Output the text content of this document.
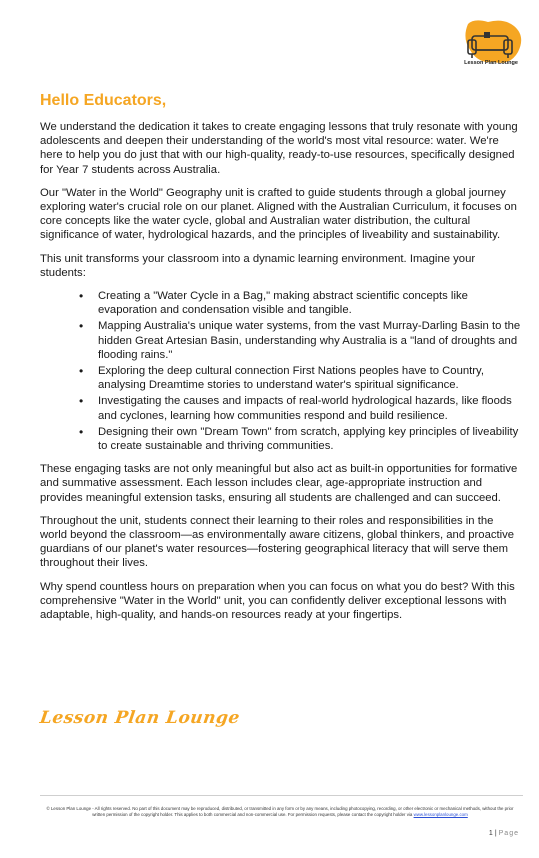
Lesson Plan Lounge
Hello Educators,

We understand the dedication it takes to create engaging lessons that truly resonate with young adolescents and deepen their understanding of the world's most vital resource: water. We're here to help you do just that with our high-quality, ready-to-use resources, specifically designed for Year 7 students across Australia.

Our "Water in the World" Geography unit is crafted to guide students through a global journey exploring water's crucial role on our planet. Aligned with the Australian Curriculum, it focuses on core concepts like the water cycle, global and Australian water distribution, the cultural significance of water, hydrological hazards, and the principles of liveability and sustainability.

This unit transforms your classroom into a dynamic learning environment. Imagine your students:

• Creating a "Water Cycle in a Bag," making abstract scientific concepts like evaporation and condensation visible and tangible.
• Mapping Australia's unique water systems, from the vast Murray-Darling Basin to the hidden Great Artesian Basin, understanding why Australia is a "land of droughts and flooding rains."
• Exploring the deep cultural connection First Nations peoples have to Country, analysing Dreamtime stories to understand water's spiritual significance.
• Investigating the causes and impacts of real-world hydrological hazards, like floods and cyclones, learning how communities respond and build resilience.
• Designing their own "Dream Town" from scratch, applying key principles of liveability to create sustainable and thriving communities.

These engaging tasks are not only meaningful but also act as built-in opportunities for formative and summative assessment. Each lesson includes clear, age-appropriate instruction and provides meaningful extension tasks, ensuring all students are challenged and can succeed.

Throughout the unit, students connect their learning to their roles and responsibilities in the world beyond the classroom—as environmentally aware citizens, global thinkers, and proactive guardians of our planet's water resources—fostering geographical literacy that will serve them throughout their lives.

Why spend countless hours on preparation when you can focus on what you do best? With this comprehensive "Water in the World" unit, you can confidently deliver exceptional lessons with adaptable, high-quality, and hands-on resources ready at your fingertips.

Lesson Plan Lounge
© Lesson Plan Lounge - All rights reserved. No part of this document may be reproduced, distributed, or transmitted in any form or by any means, including photocopying, recording, or other electronic or mechanical methods, without the prior written permission of the copyright holder. This applies to both commercial and non-commercial use. For permission requests, please contact the copyright holder via www.lessonplanlounge.com
1 | Page
